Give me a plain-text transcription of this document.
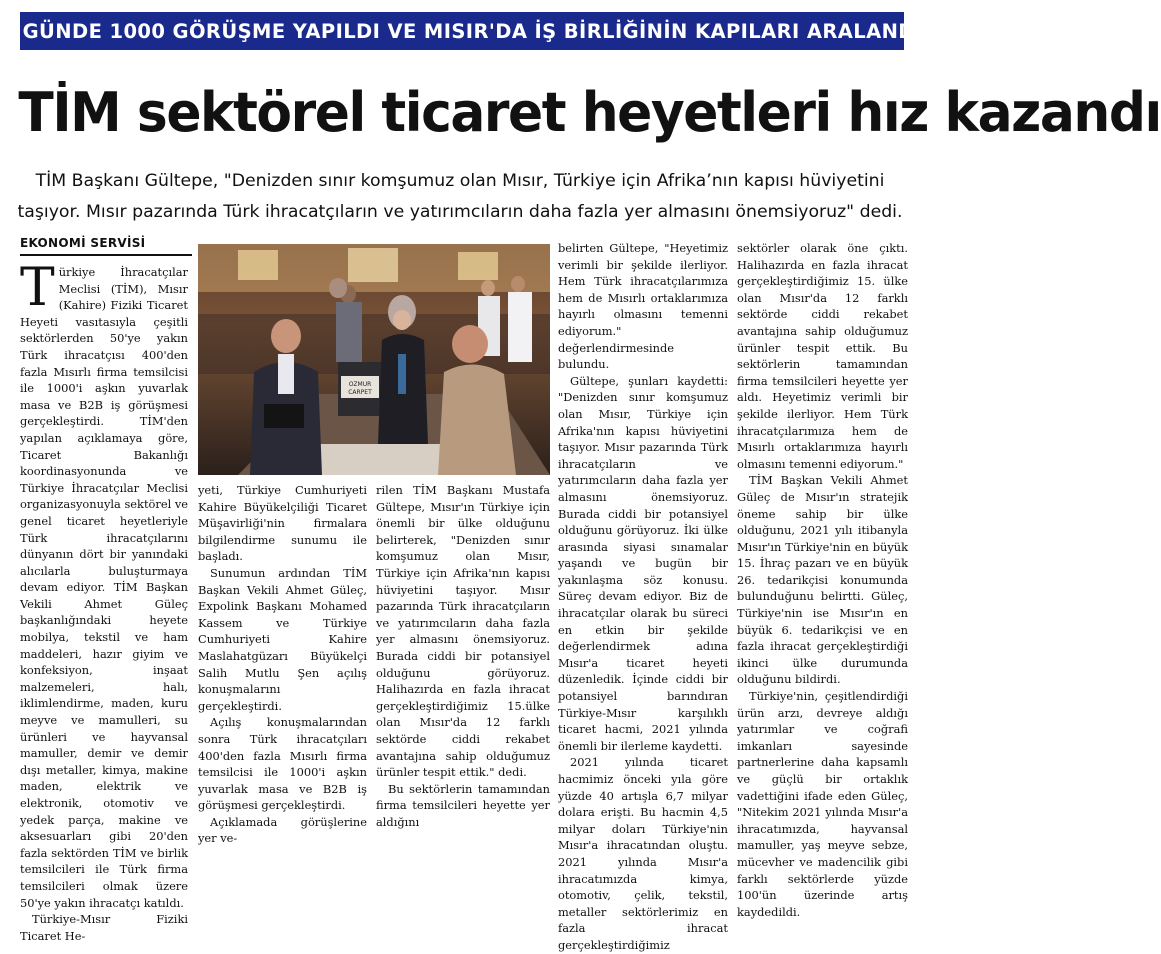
2 GÜNDE 1000 GÖRÜŞME YAPILDI VE MISIR'DA İŞ BİRLİĞİNİN KAPILARI ARALANDI
TİM sektörel ticaret heyetleri hız kazandı
TİM Başkanı Gültepe, "Denizden sınır komşumuz olan Mısır, Türkiye için Afrika’nın kapısı hüviyetini taşıyor. Mısır pazarında Türk ihracatçıların ve yatırımcıların daha fazla yer almasını önemsiyoruz" dedi.
EKONOMİ SERVİSİ
T ürkiye İhracatçılar Meclisi (TİM), Mısır (Kahire) Fiziki Ticaret Heyeti vasıtasıyla çeşitli sektörlerden 50'ye yakın Türk ihracatçısı 400'den fazla Mısırlı firma temsilcisi ile 1000'i aşkın yuvarlak masa ve B2B iş görüşmesi gerçekleştirdi. TİM'den yapılan açıklamaya göre, Ticaret Bakanlığı koordinasyonunda ve Türkiye İhracatçılar Meclisi organizasyonuyla sektörel ve genel ticaret heyetleriyle Türk ihracatçılarını dünyanın dört bir yanındaki alıcılarla buluşturmaya devam ediyor. TİM Başkan Vekili Ahmet Güleç başkanlığındaki heyete mobilya, tekstil ve ham maddeleri, hazır giyim ve konfeksiyon, inşaat malzemeleri, halı, iklimlendirme, maden, kuru meyve ve mamulleri, su ürünleri ve hayvansal mamuller, demir ve demir dışı metaller, kimya, makine maden, elektrik ve elektronik, otomotiv ve yedek parça, makine ve aksesuarları gibi 20'den fazla sektörden TİM ve birlik temsilcileri ile Türk firma temsilcileri olmak üzere 50'ye yakın ihracatçı katıldı.

Türkiye-Mısır Fiziki Ticaret He-

OZMUR
CARPET

yeti, Türkiye Cumhuriyeti Kahire Büyükelçiliği Ticaret Müşavirliği'nin firmalara bilgilendirme sunumu ile başladı.

Sunumun ardından TİM Başkan Vekili Ahmet Güleç, Expolink Başkanı Mohamed Kassem ve Türkiye Cumhuriyeti Kahire Maslahatgüzarı Büyükelçi Salih Mutlu Şen açılış konuşmalarını gerçekleştirdi.

Açılış konuşmalarından sonra Türk ihracatçıları 400'den fazla Mısırlı firma temsilcisi ile 1000'i aşkın yuvarlak masa ve B2B iş görüşmesi gerçekleştirdi.

Açıklamada görüşlerine yer ve-

rilen TİM Başkanı Mustafa Gültepe, Mısır'ın Türkiye için önemli bir ülke olduğunu belirterek, "Denizden sınır komşumuz olan Mısır, Türkiye için Afrika'nın kapısı hüviyetini taşıyor. Mısır pazarında Türk ihracatçıların ve yatırımcıların daha fazla yer almasını önemsiyoruz. Burada ciddi bir potansiyel olduğunu görüyoruz. Halihazırda en fazla ihracat gerçekleştirdiğimiz 15.ülke olan Mısır'da 12 farklı sektörde ciddi rekabet avantajına sahip olduğumuz ürünler tespit ettik." dedi.

Bu sektörlerin tamamından firma temsilcileri heyette yer aldığını

belirten Gültepe, "Heyetimiz verimli bir şekilde ilerliyor. Hem Türk ihracatçılarımıza hem de Mısırlı ortaklarımıza hayırlı olmasını temenni ediyorum." değerlendirmesinde bulundu.

Gültepe, şunları kaydetti: "Denizden sınır komşumuz olan Mısır, Türkiye için Afrika'nın kapısı hüviyetini taşıyor. Mısır pazarında Türk ihracatçıların ve yatırımcıların daha fazla yer almasını önemsiyoruz. Burada ciddi bir potansiyel olduğunu görüyoruz. İki ülke arasında siyasi sınamalar yaşandı ve bugün bir yakınlaşma söz konusu. Süreç devam ediyor. Biz de ihracatçılar olarak bu süreci en etkin bir şekilde değerlendirmek adına Mısır'a ticaret heyeti düzenledik. İçinde ciddi bir potansiyel barındıran Türkiye-Mısır karşılıklı ticaret hacmi, 2021 yılında önemli bir ilerleme kaydetti.

2021 yılında ticaret hacmimiz önceki yıla göre yüzde 40 artışla 6,7 milyar dolara erişti. Bu hacmin 4,5 milyar doları Türkiye'nin Mısır'a ihracatından oluştu. 2021 yılında Mısır'a ihracatımızda kimya, otomotiv, çelik, tekstil, metaller sektörlerimiz en fazla ihracat gerçekleştirdiğimiz

sektörler olarak öne çıktı. Halihazırda en fazla ihracat gerçekleştirdiğimiz 15. ülke olan Mısır'da 12 farklı sektörde ciddi rekabet avantajına sahip olduğumuz ürünler tespit ettik. Bu sektörlerin tamamından firma temsilcileri heyette yer aldı. Heyetimiz verimli bir şekilde ilerliyor. Hem Türk ihracatçılarımıza hem de Mısırlı ortaklarımıza hayırlı olmasını temenni ediyorum."

TİM Başkan Vekili Ahmet Güleç de Mısır'ın stratejik öneme sahip bir ülke olduğunu, 2021 yılı itibanyla Mısır'ın Türkiye'nin en büyük 15. İhraç pazarı ve en büyük 26. tedarikçisi konumunda bulunduğunu belirtti. Güleç, Türkiye'nin ise Mısır'ın en büyük 6. tedarikçisi ve en fazla ihracat gerçekleştirdiği ikinci ülke durumunda olduğunu bildirdi.

Türkiye'nin, çeşitlendirdiği ürün arzı, devreye aldığı yatırımlar ve coğrafi imkanları sayesinde partnerlerine daha kapsamlı ve güçlü bir ortaklık vadettiğini ifade eden Güleç, "Nitekim 2021 yılında Mısır'a ihracatımızda, hayvansal mamuller, yaş meyve sebze, mücevher ve madencilik gibi farklı sektörlerde yüzde 100'ün üzerinde artış kaydedildi.
